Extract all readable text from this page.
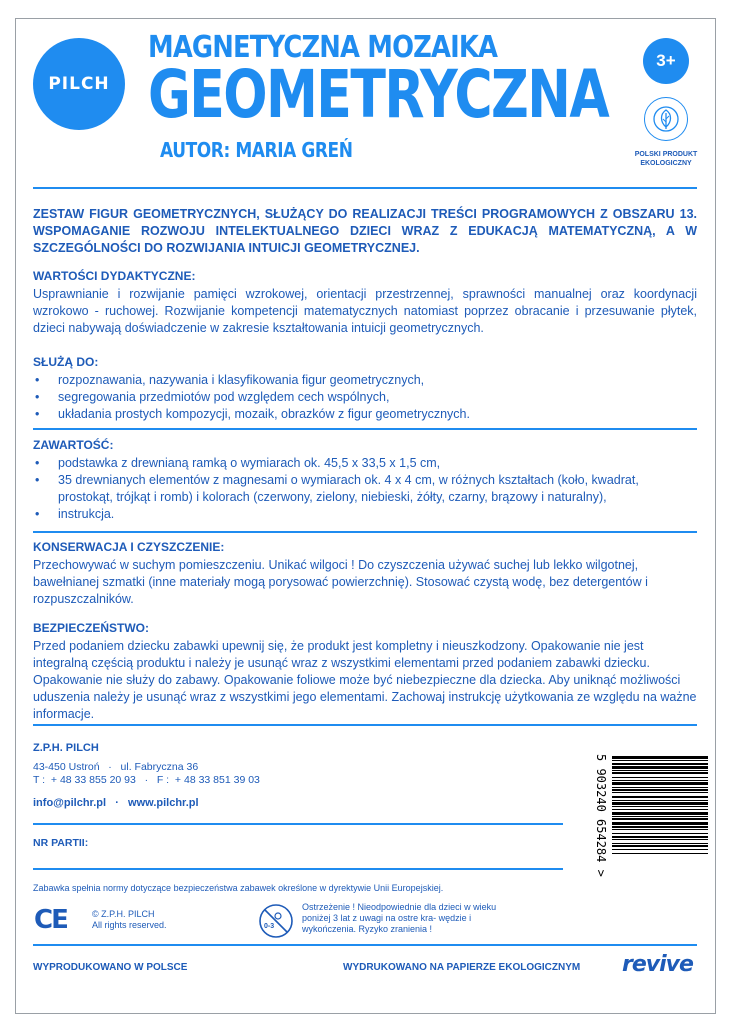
PILCH
MAGNETYCZNA MOZAIKA
GEOMETRYCZNA
AUTOR: MARIA GREŃ
3+
POLSKI PRODUKT EKOLOGICZNY
ZESTAW FIGUR GEOMETRYCZNYCH, SŁUŻĄCY DO REALIZACJI TREŚCI PROGRAMOWYCH Z OBSZARU 13. WSPOMAGANIE ROZWOJU INTELEKTUALNEGO DZIECI WRAZ Z EDUKACJĄ MATEMATYCZNĄ, A W SZCZEGÓLNOŚCI DO ROZWIJANIA INTUICJI GEOMETRYCZNEJ.
WARTOŚCI DYDAKTYCZNE:

Usprawnianie i rozwijanie pamięci wzrokowej, orientacji przestrzennej, sprawności manualnej oraz koordynacji wzrokowo - ruchowej. Rozwijanie kompetencji matematycznych natomiast poprzez obracanie i przesuwanie płytek, dzieci nabywają doświadczenie w zakresie kształtowania intuicji geometrycznych.

SŁUŻĄ DO:
• rozpoznawania, nazywania i klasyfikowania figur geometrycznych,
• segregowania przedmiotów pod względem cech wspólnych,
• układania prostych kompozycji, mozaik, obrazków z figur geometrycznych.
ZAWARTOŚĆ:
• podstawka z drewnianą ramką o wymiarach ok. 45,5 x 33,5 x 1,5 cm,
• 35 drewnianych elementów z magnesami o wymiarach ok. 4 x 4 cm, w różnych kształtach (koło, kwadrat, prostokąt, trójkąt i romb) i kolorach (czerwony, zielony, niebieski, żółty, czarny, brązowy i naturalny),
• instrukcja.
KONSERWACJA I CZYSZCZENIE:

Przechowywać w suchym pomieszczeniu. Unikać wilgoci ! Do czyszczenia używać suchej lub lekko wilgotnej, bawełnianej szmatki (inne materiały mogą porysować powierzchnię). Stosować czystą wodę, bez detergentów i rozpuszczalników.

BEZPIECZEŃSTWO:

Przed podaniem dziecku zabawki upewnij się, że produkt jest kompletny i nieuszkodzony. Opakowanie nie jest integralną częścią produktu i należy je usunąć wraz z wszystkimi elementami przed podaniem zabawki dziecku. Opakowanie nie służy do zabawy. Opakowanie foliowe może być niebezpieczne dla dziecka. Aby uniknąć możliwości uduszenia należy je usunąć wraz z wszystkimi jego elementami. Zachowaj instrukcję użytkowania ze względu na ważne informacje.

Z.P.H. PILCH
43-450 Ustroń   ·   ul. Fabryczna 36
T :  + 48 33 855 20 93   ·   F :  + 48 33 851 39 03
info@pilchr.pl   ·   www.pilchr.pl
NR PARTII:	5 903240 654284 >
Zabawka spełnia normy dotyczące bezpieczeństwa zabawek określone w dyrektywie Unii Europejskiej.
CE	© Z.P.H. PILCH
All rights reserved.	0-3
Ostrzeżenie ! Nieodpowiednie dla dzieci w wieku poniżej 3 lat z uwagi na ostre kra- wędzie i wykończenia. Ryzyko zranienia !
WYPRODUKOWANO W POLSCE	WYDRUKOWANO NA PAPIERZE EKOLOGICZNYM revive
